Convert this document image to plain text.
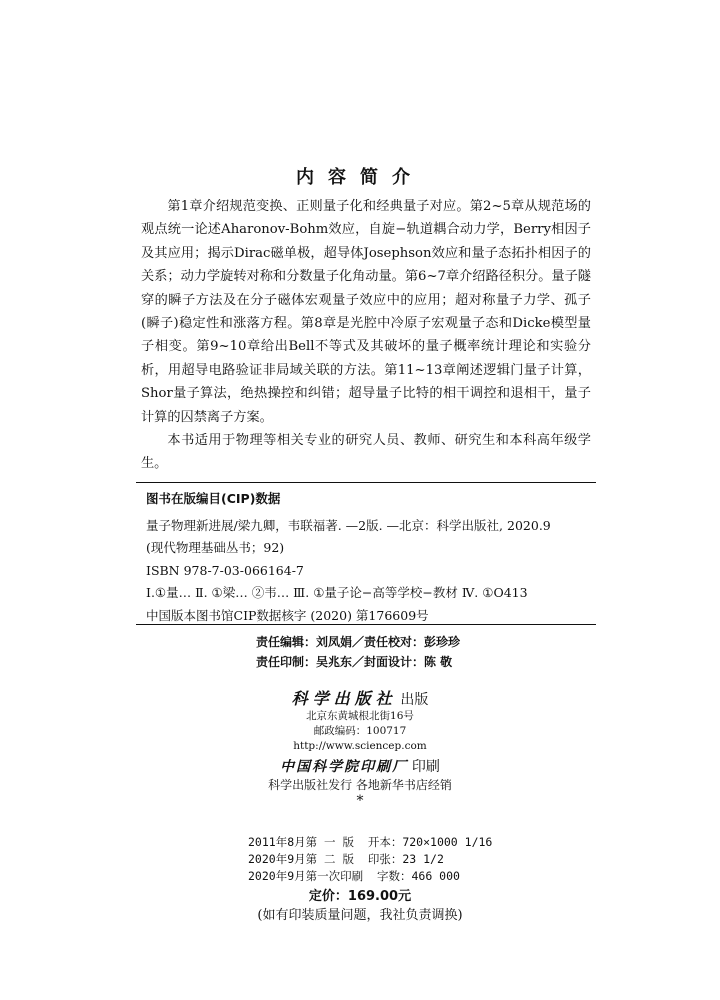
内容简介

第1章介绍规范变换、正则量子化和经典量子对应。第2~5章从规范场的观点统一论述Aharonov-Bohm效应，自旋−轨道耦合动力学，Berry相因子及其应用；揭示Dirac磁单极，超导体Josephson效应和量子态拓扑相因子的关系；动力学旋转对称和分数量子化角动量。第6~7章介绍路径积分。量子隧穿的瞬子方法及在分子磁体宏观量子效应中的应用；超对称量子力学、孤子(瞬子)稳定性和涨落方程。第8章是光腔中冷原子宏观量子态和Dicke模型量子相变。第9~10章给出Bell不等式及其破坏的量子概率统计理论和实验分析，用超导电路验证非局域关联的方法。第11~13章阐述逻辑门量子计算，Shor量子算法，绝热操控和纠错；超导量子比特的相干调控和退相干，量子计算的囚禁离子方案。

本书适用于物理等相关专业的研究人员、教师、研究生和本科高年级学生。

图书在版编目(CIP)数据
量子物理新进展/梁九卿，韦联福著. —2版. —北京：科学出版社, 2020.9
(现代物理基础丛书；92)
ISBN 978-7-03-066164-7
Ⅰ.①量… Ⅱ. ①梁… ②韦… Ⅲ. ①量子论−高等学校−教材 Ⅳ. ①O413
中国版本图书馆CIP数据核字 (2020) 第176609号
责任编辑：刘凤娟／责任校对：彭珍珍
责任印制：吴兆东／封面设计：陈 敬
科学出版社 出版
北京东黄城根北街16号
邮政编码：100717
http://www.sciencep.com
中国科学院印刷厂 印刷
科学出版社发行 各地新华书店经销
*
2011年8月第 一 版 开本：720×1000 1/16
2020年9月第 二 版 印张：23 1/2
2020年9月第一次印刷 字数：466 000
定价：169.00元
(如有印装质量问题，我社负责调换)
